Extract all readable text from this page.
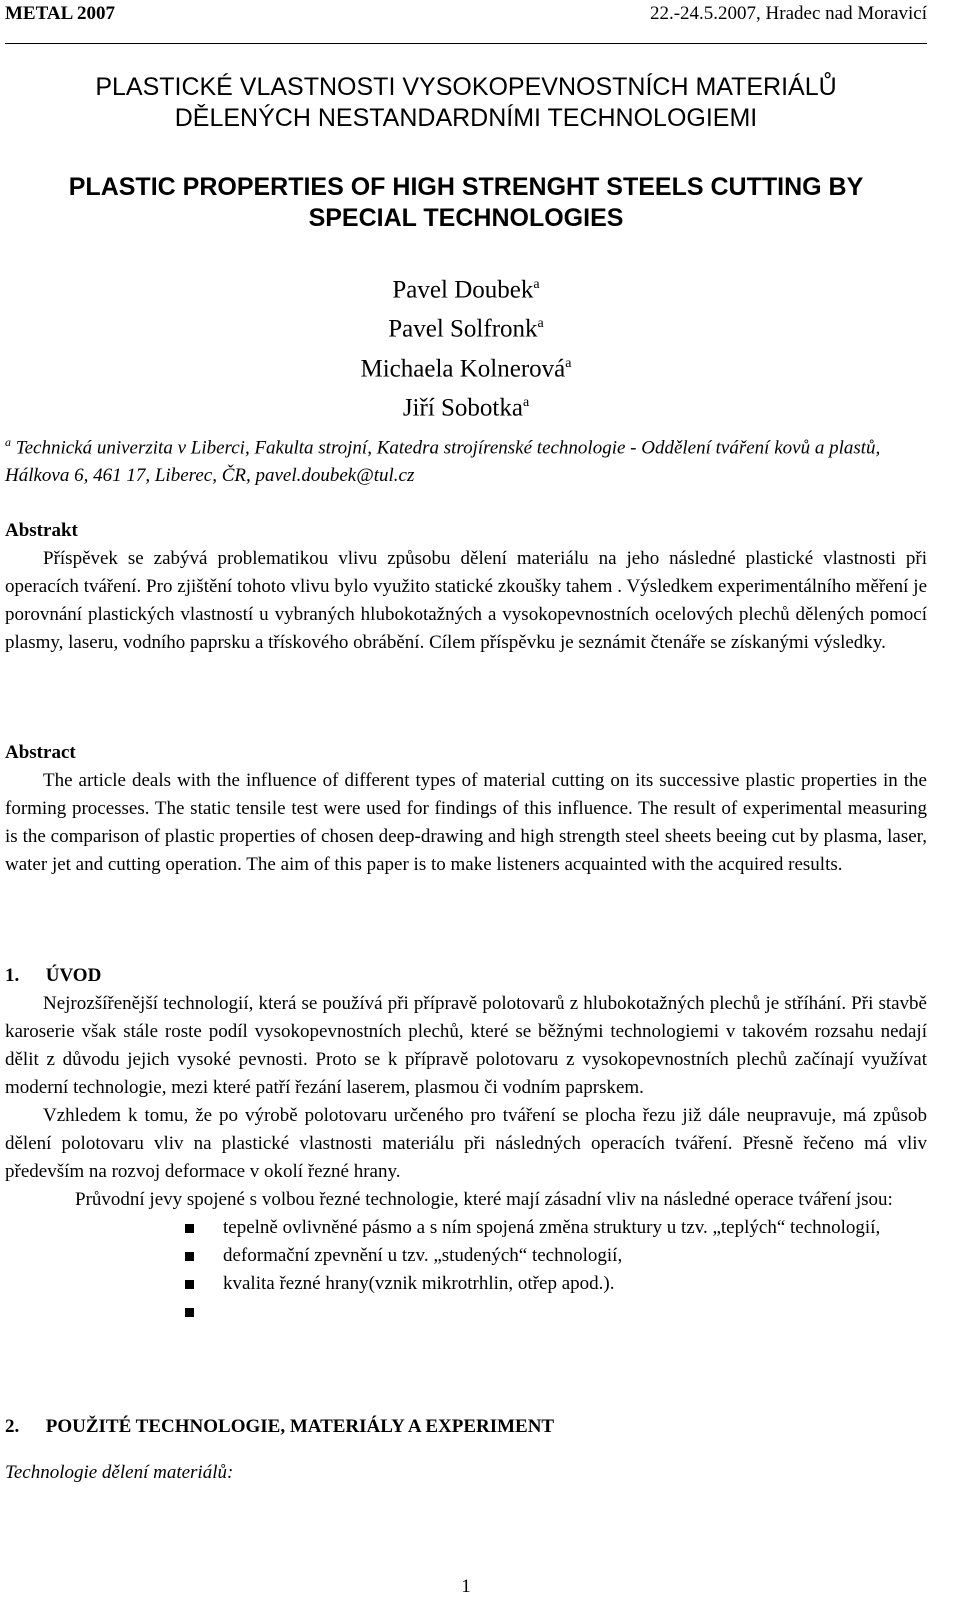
METAL 2007	22.-24.5.2007, Hradec nad Moravicí
PLASTICKÉ VLASTNOSTI VYSOKOPEVNOSTNÍCH MATERIÁLŮ
DĚLENÝCH NESTANDARDNÍMI TECHNOLOGIEMI
PLASTIC PROPERTIES OF HIGH STRENGHT STEELS CUTTING BY
SPECIAL TECHNOLOGIES
Pavel Doubek$^a$
Pavel Solfronk$^a$
Michaela Kolnerová$^a$
Jiří Sobotka$^a$
$^a$ Technická univerzita v Liberci, Fakulta strojní, Katedra strojírenské technologie - Oddělení tváření kovů a plastů, Hálkova 6, 461 17, Liberec, ČR, pavel.doubek@tul.cz
Abstrakt

Příspěvek se zabývá problematikou vlivu způsobu dělení materiálu na jeho následné plastické vlastnosti při operacích tváření. Pro zjištění tohoto vlivu bylo využito statické zkoušky tahem . Výsledkem experimentálního měření je porovnání plastických vlastností u vybraných hlubokotažných a vysokopevnostních ocelových plechů dělených pomocí plasmy, laseru, vodního paprsku a třískového obrábění. Cílem příspěvku je seznámit čtenáře se získanými výsledky.

Abstract

The article deals with the influence of different types of material cutting on its successive plastic properties in the forming processes. The static tensile test were used for findings of this influence. The result of experimental measuring is the comparison of plastic properties of chosen deep-drawing and high strength steel sheets beeing cut by plasma, laser, water jet and cutting operation. The aim of this paper is to make listeners acquainted with the acquired results.

1. ÚVOD

Nejrozšířenější technologií, která se používá při přípravě polotovarů z hlubokotažných plechů je stříhání. Při stavbě karoserie však stále roste podíl vysokopevnostních plechů, které se běžnými technologiemi v takovém rozsahu nedají dělit z důvodu jejich vysoké pevnosti. Proto se k přípravě polotovaru z vysokopevnostních plechů začínají využívat moderní technologie, mezi které patří řezání laserem, plasmou či vodním paprskem.

Vzhledem k tomu, že po výrobě polotovaru určeného pro tváření se plocha řezu již dále neupravuje, má způsob dělení polotovaru vliv na plastické vlastnosti materiálu při následných operacích tváření. Přesně řečeno má vliv především na rozvoj deformace v okolí řezné hrany.

Průvodní jevy spojené s volbou řezné technologie, které mají zásadní vliv na následné operace tváření jsou:

tepelně ovlivněné pásmo a s ním spojená změna struktury u tzv. „teplých“ technologií,
deformační zpevnění u tzv. „studených“ technologií,
kvalita řezné hrany(vznik mikrotrhlin, otřep apod.).

2. POUŽITÉ TECHNOLOGIE, MATERIÁLY A EXPERIMENT
Technologie dělení materiálů:
1
